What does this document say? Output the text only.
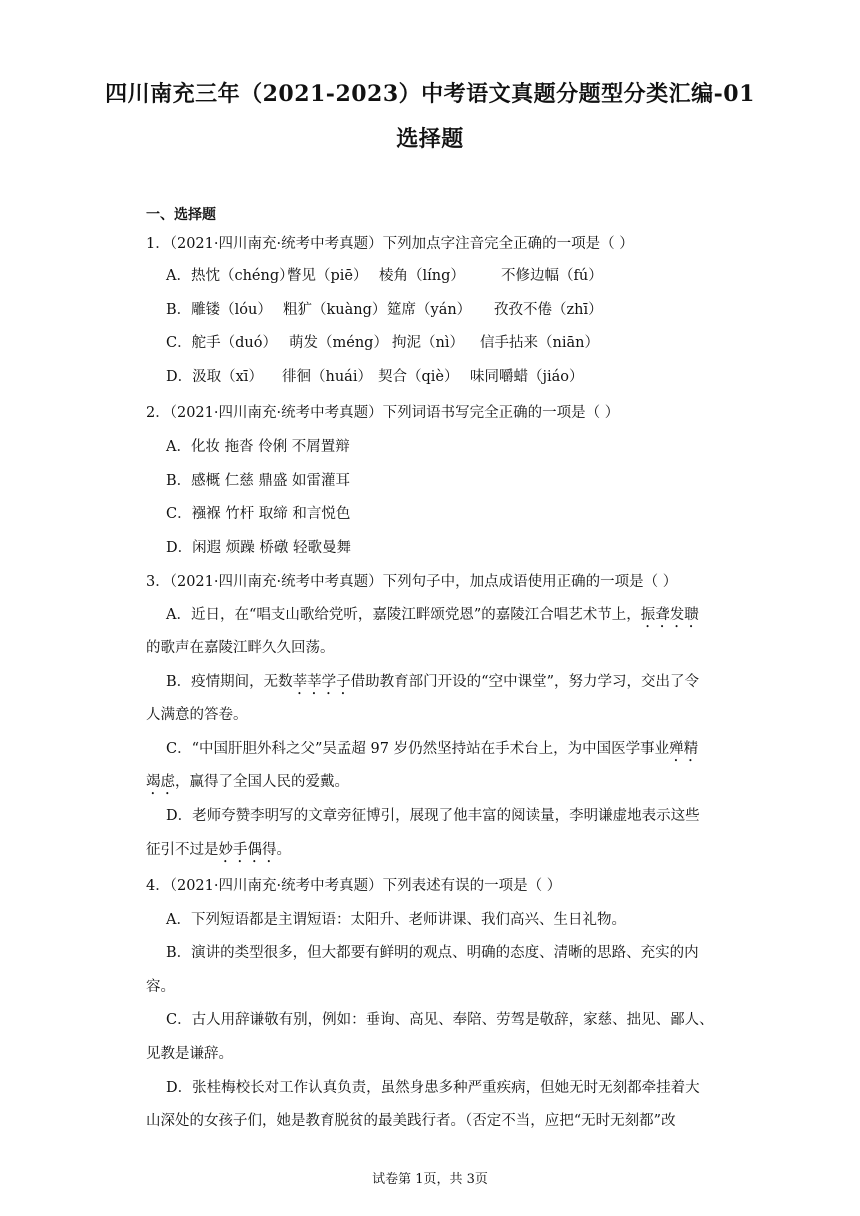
四川南充三年（2021-2023）中考语文真题分题型分类汇编-01
选择题
一、选择题
1．（2021·四川南充·统考中考真题）下列加点字注音完全正确的一项是（ ）
A．热忱（chéng）瞥见（piē） 棱角（líng） 不修边幅（fú）
B．雕镂（lóu） 粗犷（kuàng）筵席（yán） 孜孜不倦（zhī）
C．舵手（duó） 萌发（méng） 拘泥（nì） 信手拈来（niān）
D．汲取（xī） 徘徊（huái） 契合（qiè） 味同嚼蜡（jiáo）
2．（2021·四川南充·统考中考真题）下列词语书写完全正确的一项是（ ）
A．化妆 拖沓 伶俐 不屑置辩
B．感概 仁慈 鼎盛 如雷灌耳
C．襁褓 竹杆 取缔 和言悦色
D．闲遐 烦躁 桥礅 轻歌曼舞
3．（2021·四川南充·统考中考真题）下列句子中，加点成语使用正确的一项是（ ）
A．近日，在“唱支山歌给党听，嘉陵江畔颂党恩”的嘉陵江合唱艺术节上，振聋发聩
的歌声在嘉陵江畔久久回荡。
B．疫情期间，无数莘莘学子借助教育部门开设的“空中课堂”，努力学习，交出了令
人满意的答卷。
C．“中国肝胆外科之父”吴孟超 97 岁仍然坚持站在手术台上，为中国医学事业殚精
竭虑，赢得了全国人民的爱戴。
D．老师夸赞李明写的文章旁征博引，展现了他丰富的阅读量，李明谦虚地表示这些
征引不过是妙手偶得。
4．（2021·四川南充·统考中考真题）下列表述有误的一项是（ ）
A．下列短语都是主谓短语：太阳升、老师讲课、我们高兴、生日礼物。
B．演讲的类型很多，但大都要有鲜明的观点、明确的态度、清晰的思路、充实的内
容。
C．古人用辞谦敬有别，例如：垂询、高见、奉陪、劳驾是敬辞，家慈、拙见、鄙人、
见教是谦辞。
D．张桂梅校长对工作认真负责，虽然身患多种严重疾病，但她无时无刻都牵挂着大
山深处的女孩子们，她是教育脱贫的最美践行者。（否定不当，应把“无时无刻都”改
试卷第 1页，共 3页
